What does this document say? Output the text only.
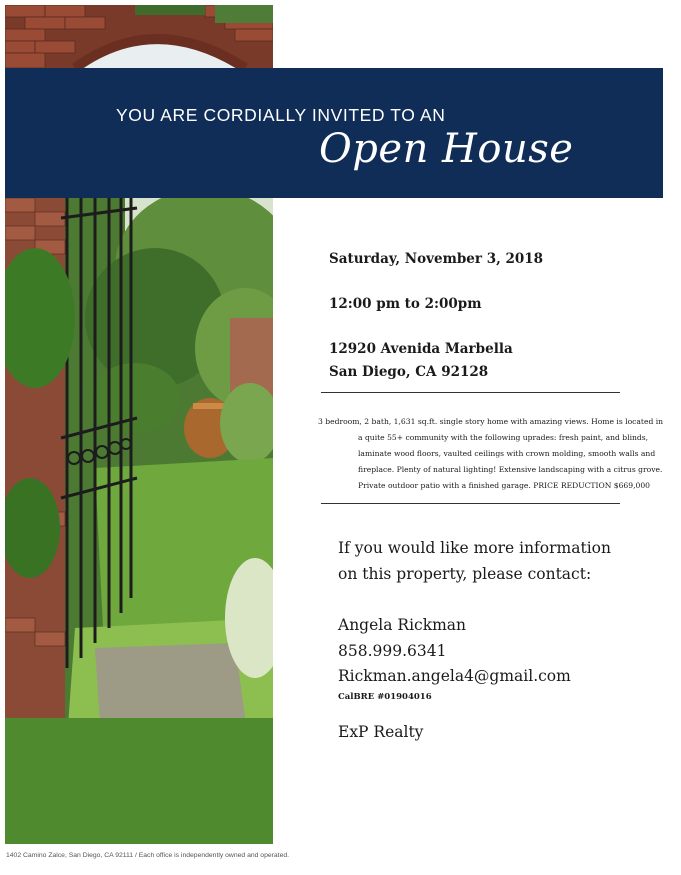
YOU ARE CORDIALLY INVITED TO AN
Open House
Saturday, November 3, 2018
12:00 pm to 2:00pm
12920 Avenida Marbella
San Diego, CA 92128

3 bedroom, 2 bath, 1,631 sq.ft. single story home with amazing views. Home is located in

a quite 55+ community with the following uprades: fresh paint, and blinds,

laminate wood floors, vaulted ceilings with crown molding, smooth walls and

fireplace. Plenty of natural lighting! Extensive landscaping with a citrus grove.

Private outdoor patio with a finished garage. PRICE REDUCTION $669,000

If you would like more information
on this property, please contact:
Angela Rickman
858.999.6341
Rickman.angela4@gmail.com
CalBRE #01904016
ExP Realty
1402 Camino Zalce, San Diego, CA 92111 / Each office is independently owned and operated.
